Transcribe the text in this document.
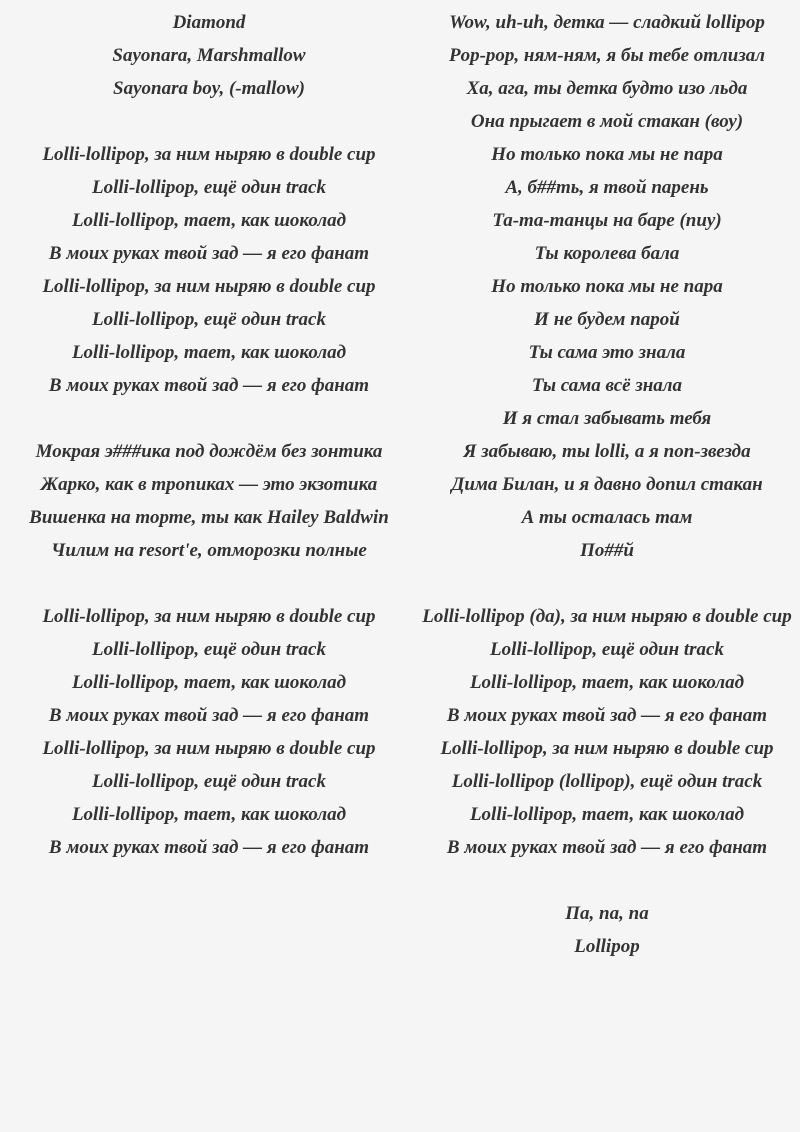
Diamond
Sayonara, Marshmallow
Sayonara boy, (-mallow)
Lolli-lollipop, за ним ныряю в double cup
Lolli-lollipop, ещё один track
Lolli-lollipop, тает, как шоколад
В моих руках твой зад — я его фанат
Lolli-lollipop, за ним ныряю в double cup
Lolli-lollipop, ещё один track
Lolli-lollipop, тает, как шоколад
В моих руках твой зад — я его фанат
Мокрая э###ика под дождём без зонтика
Жарко, как в тропиках — это экзотика
Вишенка на торте, ты как Hailey Baldwin
Чилим на resort'e, отморозки полные
Lolli-lollipop, за ним ныряю в double cup
Lolli-lollipop, ещё один track
Lolli-lollipop, тает, как шоколад
В моих руках твой зад — я его фанат
Lolli-lollipop, за ним ныряю в double cup
Lolli-lollipop, ещё один track
Lolli-lollipop, тает, как шоколад
В моих руках твой зад — я его фанат
Wow, uh-uh, детка — сладкий lollipop
Pop-pop, ням-ням, я бы тебе отлизал
Ха, ага, ты детка будто изо льда
Она прыгает в мой стакан (воу)
Но только пока мы не пара
А, б##ть, я твой парень
Та-та-танцы на баре (пиу)
Ты королева бала
Но только пока мы не пара
И не будем парой
Ты сама это знала
Ты сама всё знала
И я стал забывать тебя
Я забываю, ты lolli, а я поп-звезда
Дима Билан, и я давно допил стакан
А ты осталась там
По##й
Lolli-lollipop (да), за ним ныряю в double cup
Lolli-lollipop, ещё один track
Lolli-lollipop, тает, как шоколад
В моих руках твой зад — я его фанат
Lolli-lollipop, за ним ныряю в double cup
Lolli-lollipop (lollipop), ещё один track
Lolli-lollipop, тает, как шоколад
В моих руках твой зад — я его фанат
Па, па, па
Lollipop
